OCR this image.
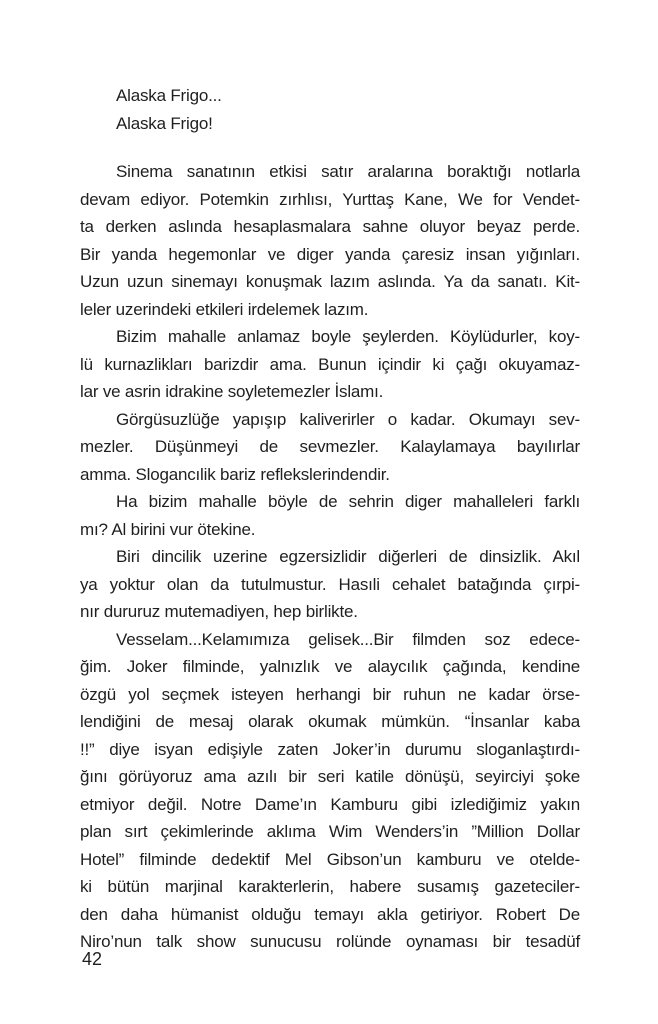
Alaska Frigo...
Alaska Frigo!
Sinema sanatının etkisi satır aralarına boraktığı notlarla
devam ediyor. Potemkin zırhlısı, Yurttaş Kane, We for Vendet-
ta derken aslında hesaplasmalara sahne oluyor beyaz perde.
Bir yanda hegemonlar ve diger yanda çaresiz insan yığınları.
Uzun uzun sinemayı konuşmak lazım aslında. Ya da sanatı. Kit-
leler uzerindeki etkileri irdelemek lazım.
Bizim mahalle anlamaz boyle şeylerden. Köylüdurler, koy-
lü kurnazlikları barizdir ama. Bunun içindir ki çağı okuyamaz-
lar ve asrin idrakine soyletemezler İslamı.
Görgüsuzlüğe yapışıp kaliverirler o kadar. Okumayı sev-
mezler. Düşünmeyi de sevmezler. Kalaylamaya bayılırlar
amma. Slogancılik bariz reflekslerindendir.
Ha bizim mahalle böyle de sehrin diger mahalleleri farklı
mı? Al birini vur ötekine.
Biri dincilik uzerine egzersizlidir diğerleri de dinsizlik. Akıl
ya yoktur olan da tutulmustur. Hasıli cehalet batağında çırpi-
nır dururuz mutemadiyen, hep birlikte.
Vesselam...Kelamımıza gelisek...Bir filmden soz edece-
ğim. Joker filminde, yalnızlık ve alaycılık çağında, kendine
özgü yol seçmek isteyen herhangi bir ruhun ne kadar örse-
lendiğini de mesaj olarak okumak mümkün. “İnsanlar kaba
!!” diye isyan edişiyle zaten Joker’in durumu sloganlaştırdı-
ğını görüyoruz ama azılı bir seri katile dönüşü, seyirciyi şoke
etmiyor değil. Notre Dame’ın Kamburu gibi izlediğimiz yakın
plan sırt çekimlerinde aklıma Wim Wenders’in ”Million Dollar
Hotel” filminde dedektif Mel Gibson’un kamburu ve otelde-
ki bütün marjinal karakterlerin, habere susamış gazeteciler-
den daha hümanist olduğu temayı akla getiriyor. Robert De
Niro’nun talk show sunucusu rolünde oynaması bir tesadüf
42
